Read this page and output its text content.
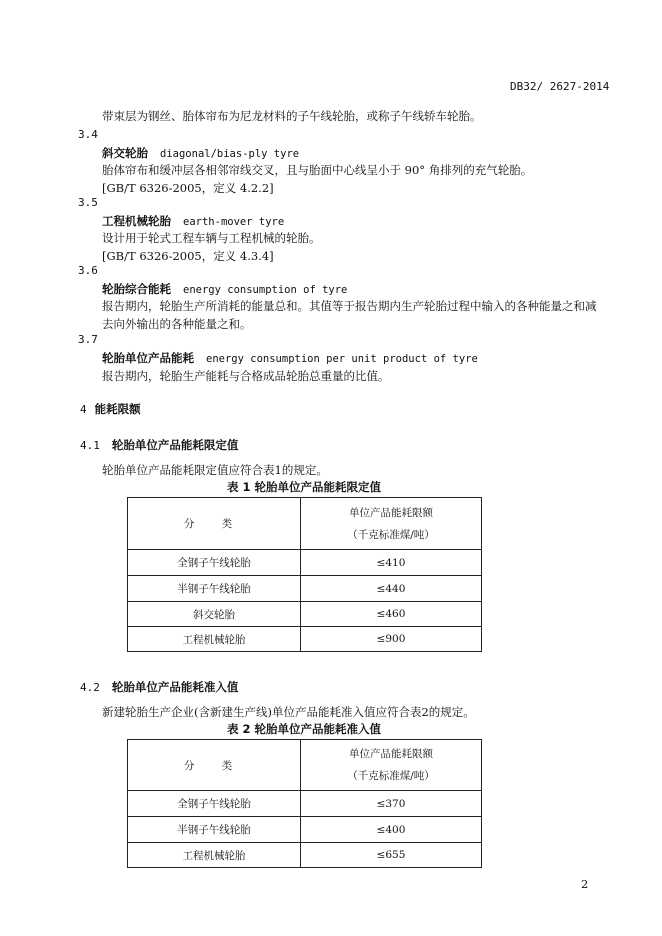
DB32/ 2627-2014
带束层为钢丝、胎体帘布为尼龙材料的子午线轮胎，或称子午线轿车轮胎。
3.4
斜交轮胎 diagonal/bias-ply tyre
胎体帘布和缓冲层各相邻帘线交叉，且与胎面中心线呈小于 90° 角排列的充气轮胎。
[GB/T 6326-2005，定义 4.2.2]
3.5
工程机械轮胎 earth-mover tyre
设计用于轮式工程车辆与工程机械的轮胎。
[GB/T 6326-2005，定义 4.3.4]
3.6
轮胎综合能耗 energy consumption of tyre
报告期内，轮胎生产所消耗的能量总和。其值等于报告期内生产轮胎过程中输入的各种能量之和减
去向外输出的各种能量之和。
3.7
轮胎单位产品能耗 energy consumption per unit product of tyre
报告期内，轮胎生产能耗与合格成品轮胎总重量的比值。
4 能耗限额
4.1 轮胎单位产品能耗限定值
轮胎单位产品能耗限定值应符合表1的规定。
表 1 轮胎单位产品能耗限定值
分 类	单位产品能耗限额
（千克标准煤/吨）

全钢子午线轮胎	≤410
半钢子午线轮胎	≤440
斜交轮胎	≤460
工程机械轮胎	≤900
4.2 轮胎单位产品能耗准入值
新建轮胎生产企业(含新建生产线)单位产品能耗准入值应符合表2的规定。
表 2 轮胎单位产品能耗准入值
分 类	单位产品能耗限额
（千克标准煤/吨）

全钢子午线轮胎	≤370
半钢子午线轮胎	≤400
工程机械轮胎	≤655
2
